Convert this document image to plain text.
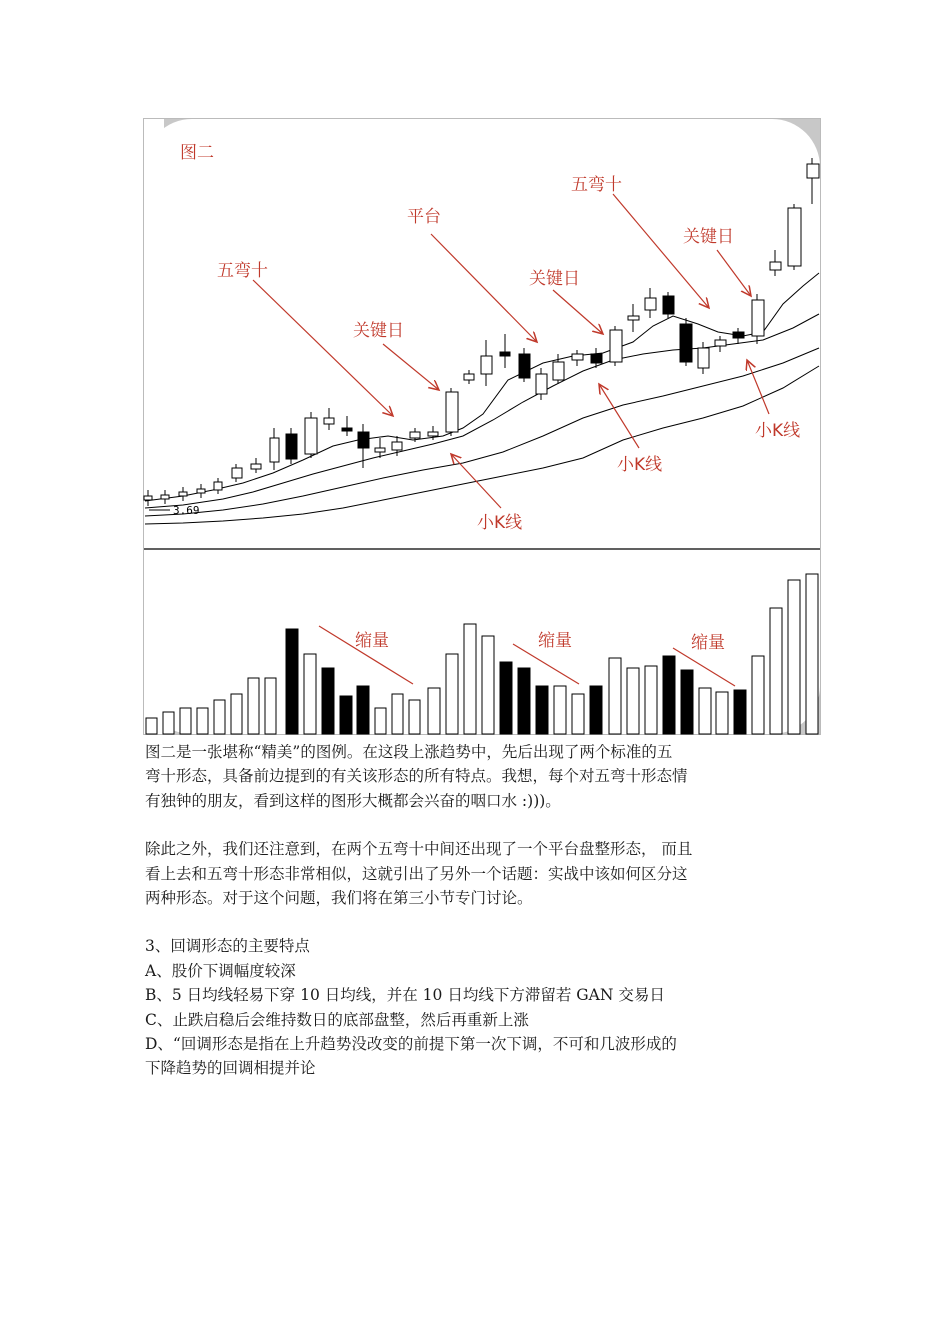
图二
3.69
五弯十
关键日
平台
关键日
五弯十
关键日
小K线
小K线
小K线
缩量	缩量	缩量

图二是一张堪称“精美”的图例。在这段上涨趋势中，先后出现了两个标准的五

弯十形态，具备前边提到的有关该形态的所有特点。我想，每个对五弯十形态情

有独钟的朋友，看到这样的图形大概都会兴奋的咽口水 :)))。

除此之外，我们还注意到，在两个五弯十中间还出现了一个平台盘整形态， 而且

看上去和五弯十形态非常相似，这就引出了另外一个话题：实战中该如何区分这

两种形态。对于这个问题，我们将在第三小节专门讨论。

3、回调形态的主要特点

A、股价下调幅度较深

B、5 日均线轻易下穿 10 日均线，并在 10 日均线下方滞留若 GAN 交易日

C、止跌启稳后会维持数日的底部盘整，然后再重新上涨

D、“回调形态是指在上升趋势没改变的前提下第一次下调，不可和几波形成的

下降趋势的回调相提并论
